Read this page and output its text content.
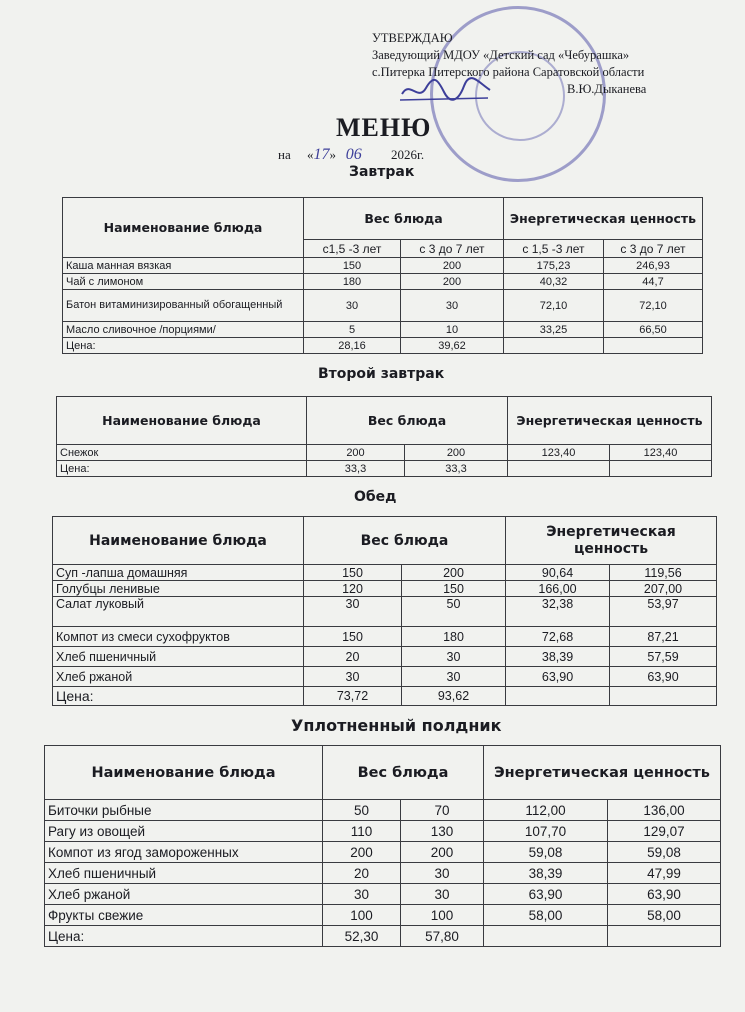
УТВЕРЖДАЮ
Заведующий МДОУ «Детский сад «Чебурашка»
с.Питерка Питерского района Саратовской области
В.Ю.Дыканева
МЕНЮ
на «17» 06 2026г.
Завтрак
Наименование блюда	Вес блюда		Энергетическая ценность	
	с1,5 -3 лет	с 3 до 7 лет	с 1,5 -3 лет	с 3 до 7 лет
Каша манная вязкая	150	200	175,23	246,93
Чай с лимоном	180	200	40,32	44,7
Батон витаминизированный обогащенный	30	30	72,10	72,10
Масло сливочное /порциями/	5	10	33,25	66,50
Цена:	28,16	39,62		
Второй завтрак
Наименование блюда	Вес блюда		Энергетическая ценность	
Снежок	200	200	123,40	123,40
Цена:	33,3	33,3		
Обед
Наименование блюда	Вес блюда		Энергетическая ценность	
Суп -лапша домашняя	150	200	90,64	119,56
Голубцы ленивые	120	150	166,00	207,00
Салат луковый	30	50	32,38	53,97
Компот из смеси сухофруктов	150	180	72,68	87,21
Хлеб пшеничный	20	30	38,39	57,59
Хлеб ржаной	30	30	63,90	63,90
Цена:	73,72	93,62		
Уплотненный полдник
Наименование блюда	Вес блюда		Энергетическая ценность	
Биточки рыбные	50	70	112,00	136,00
Рагу из овощей	110	130	107,70	129,07
Компот из ягод замороженных	200	200	59,08	59,08
Хлеб пшеничный	20	30	38,39	47,99
Хлеб ржаной	30	30	63,90	63,90
Фрукты свежие	100	100	58,00	58,00
Цена:	52,30	57,80		
